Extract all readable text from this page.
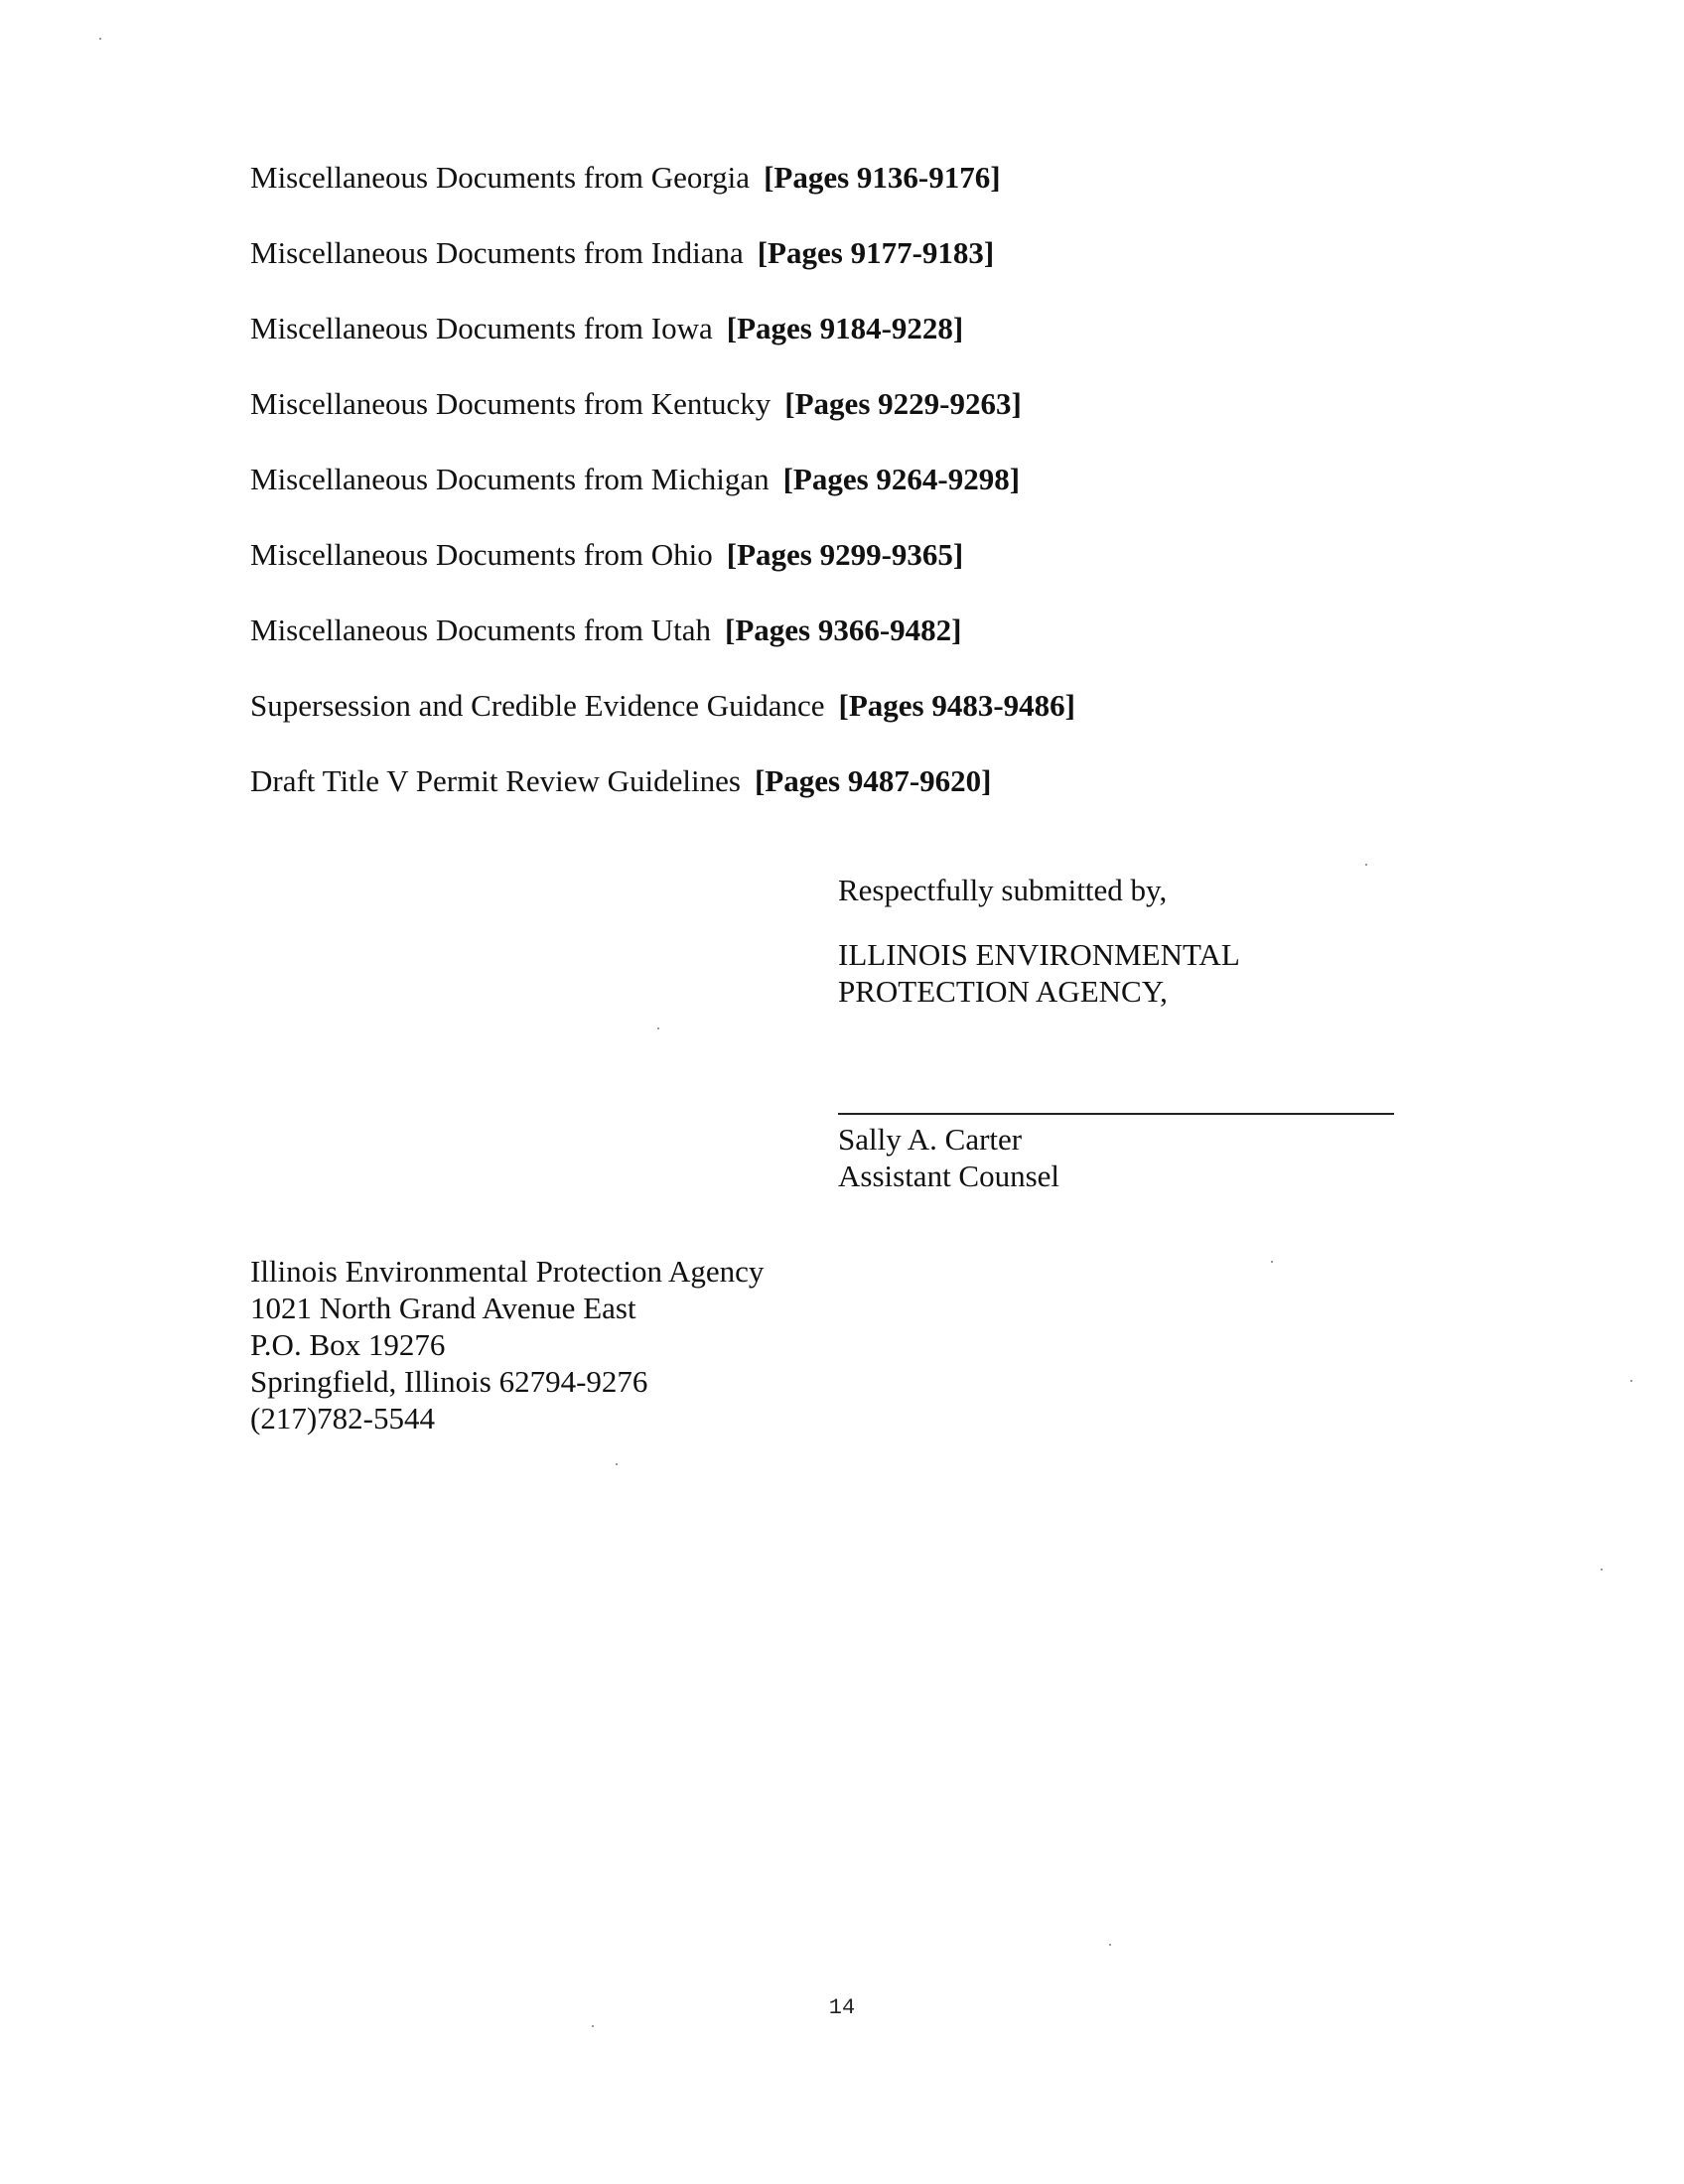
Miscellaneous Documents from Georgia [Pages 9136-9176]
Miscellaneous Documents from Indiana [Pages 9177-9183]
Miscellaneous Documents from Iowa [Pages 9184-9228]
Miscellaneous Documents from Kentucky [Pages 9229-9263]
Miscellaneous Documents from Michigan [Pages 9264-9298]
Miscellaneous Documents from Ohio [Pages 9299-9365]
Miscellaneous Documents from Utah [Pages 9366-9482]
Supersession and Credible Evidence Guidance [Pages 9483-9486]
Draft Title V Permit Review Guidelines [Pages 9487-9620]
Respectfully submitted by,
ILLINOIS ENVIRONMENTAL
PROTECTION AGENCY,
Sally A. Carter
Assistant Counsel
Illinois Environmental Protection Agency
1021 North Grand Avenue East
P.O. Box 19276
Springfield, Illinois 62794-9276
(217)782-5544
14
